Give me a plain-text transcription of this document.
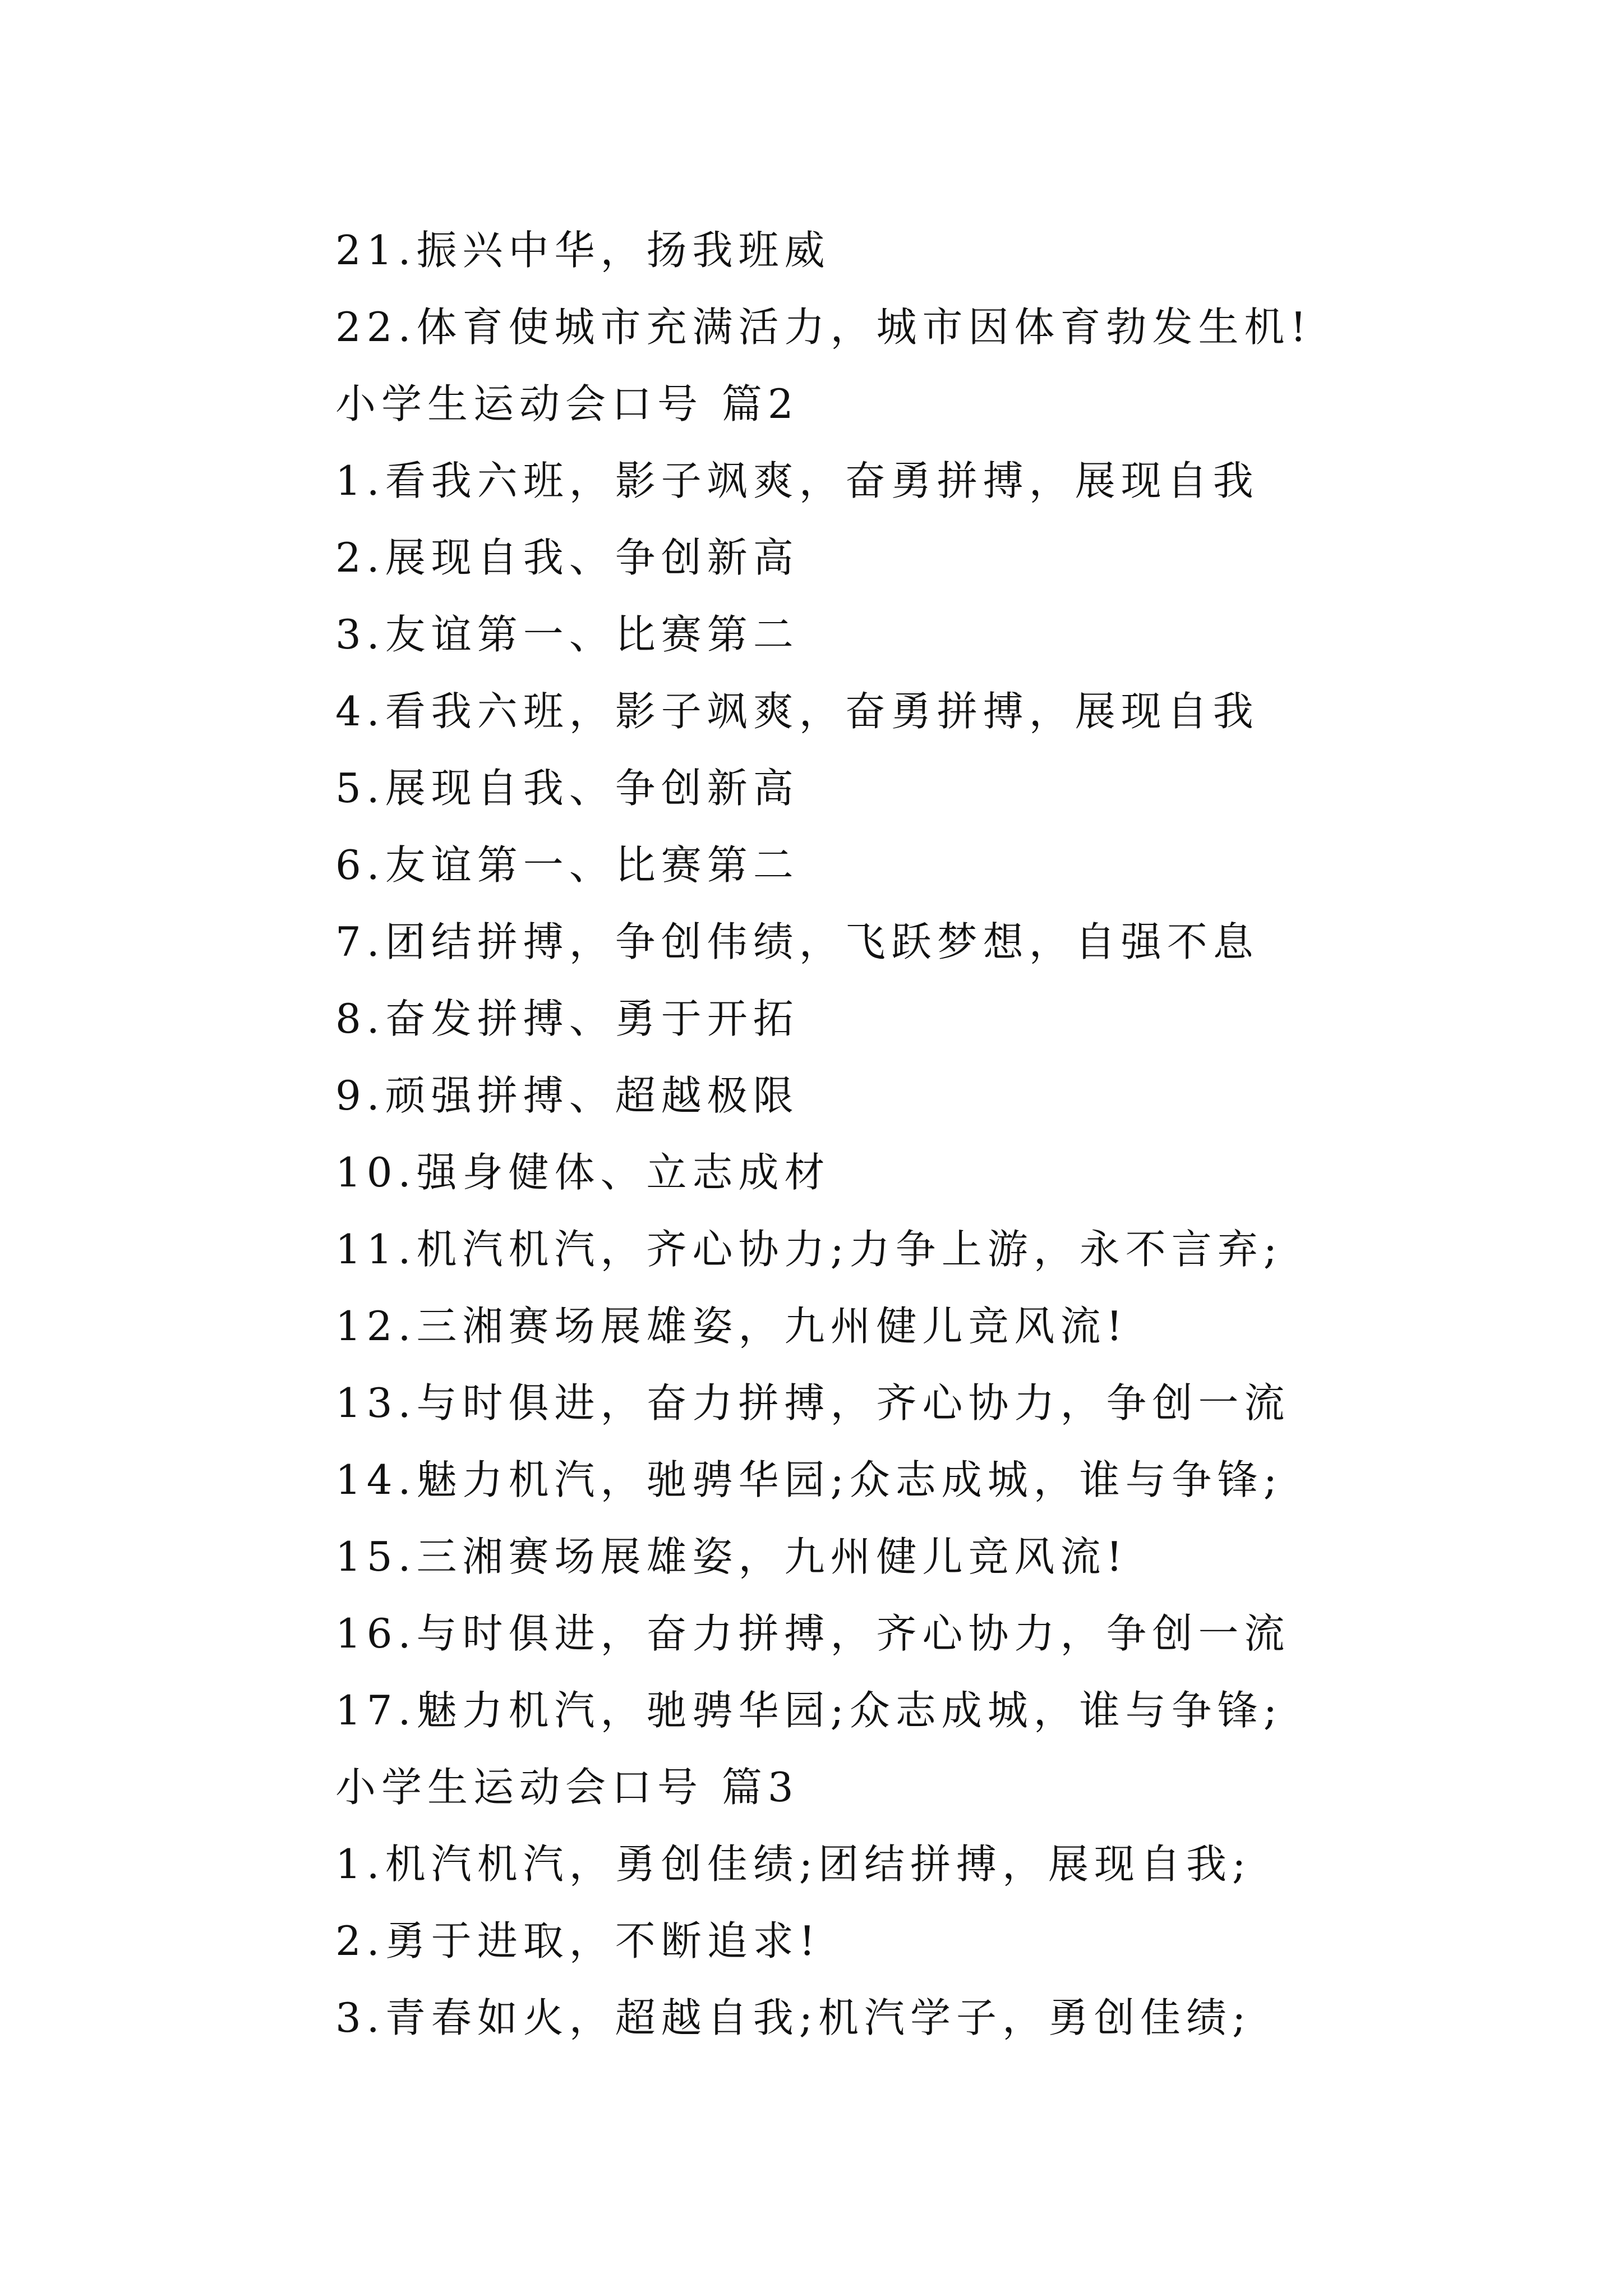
21.振兴中华，扬我班威
22.体育使城市充满活力，城市因体育勃发生机!
小学生运动会口号 篇2
1.看我六班，影子飒爽，奋勇拼搏，展现自我
2.展现自我、争创新高
3.友谊第一、比赛第二
4.看我六班，影子飒爽，奋勇拼搏，展现自我
5.展现自我、争创新高
6.友谊第一、比赛第二
7.团结拼搏，争创伟绩，飞跃梦想，自强不息
8.奋发拼搏、勇于开拓
9.顽强拼搏、超越极限
10.强身健体、立志成材
11.机汽机汽，齐心协力;力争上游，永不言弃;
12.三湘赛场展雄姿，九州健儿竞风流!
13.与时俱进，奋力拼搏，齐心协力，争创一流
14.魅力机汽，驰骋华园;众志成城，谁与争锋;
15.三湘赛场展雄姿，九州健儿竞风流!
16.与时俱进，奋力拼搏，齐心协力，争创一流
17.魅力机汽，驰骋华园;众志成城，谁与争锋;
小学生运动会口号 篇3
1.机汽机汽，勇创佳绩;团结拼搏，展现自我;
2.勇于进取，不断追求!
3.青春如火，超越自我;机汽学子，勇创佳绩;
